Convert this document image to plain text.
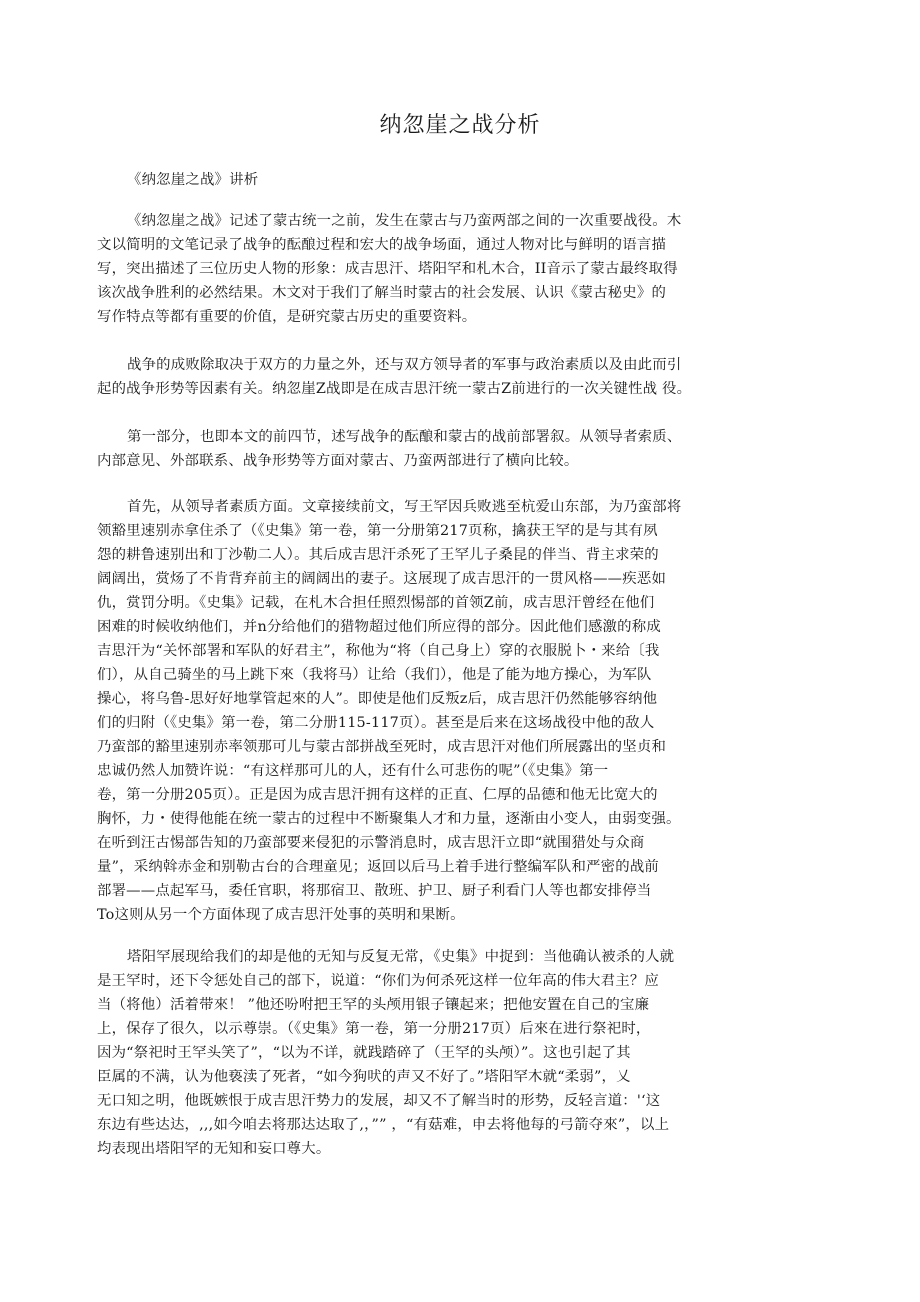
纳忽崖之战分析
《纳忽崖之战》讲析
《纳忽崖之战》记述了蒙古统一之前，发生在蒙古与乃蛮两部之间的一次重要战役。木
文以简明的文笔记录了战争的酝酿过程和宏大的战争场面，通过人物对比与鲜明的语言描
写，突出描述了三位历史人物的形象：成吉思汗、塔阳罕和札木合，II音示了蒙古最终取得
该次战争胜利的必然结果。木文对于我们了解当时蒙古的社会发展、认识《蒙古秘史》的
写作特点等都有重要的价值，是研究蒙古历史的重要资料。
战争的成败除取决于双方的力量之外，还与双方领导者的军事与政治素质以及由此而引
起的战争形势等因素有关。纳忽崖Z战即是在成吉思汗统一蒙古Z前进行的一次关键性战 役。
第一部分，也即本文的前四节，述写战争的酝酿和蒙古的战前部署叙。从领导者索质、
内部意见、外部联系、战争形势等方面对蒙古、乃蛮两部进行了横向比较。
首先，从领导者素质方面。文章接续前文，写王罕因兵败逃至杭爱山东部，为乃蛮部将
领豁里速别赤拿住杀了（《史集》第一卷，第一分册第217页称，擒获王罕的是与其有夙
怨的耕鲁速别出和丁沙勒二人）。其后成吉思汗杀死了王罕儿子桑昆的伴当、背主求荣的
阔阔出，赏炀了不肯背弃前主的阔阔出的妻子。这展现了成吉思汗的一贯风格——疾恶如
仇，赏罚分明。《史集》记载，在札木合担任照烈惕部的首领Z前，成吉思汗曾经在他们
困难的时候收纳他们，并n分给他们的猎物超过他们所应得的部分。因此他们感激的称成
吉思汗为“关怀部署和军队的好君主”，称他为“将（自己身上）穿的衣服脱卜・来给〔我
们），从自己骑坐的马上跳下來（我将马）让给（我们），他是了能为地方操心，为军队
操心，将乌鲁-思好好地掌管起來的人”。即使是他们反叛z后，成吉思汗仍然能够容纳他
们的归附（《史集》第一卷，第二分册115-117页）。甚至是后来在这场战役中他的敌人
乃蛮部的豁里速别赤率领那可儿与蒙古部拼战至死时，成吉思汗对他们所展露出的坚贞和
忠诚仍然人加赞许说：“有这样那可儿的人，还有什么可悲伤的呢”（《史集》第一
卷，第一分册205页）。正是因为成吉思汗拥有这样的正直、仁厚的品德和他无比宽大的
胸怀，力・使得他能在统一蒙古的过程中不断聚集人才和力量，逐渐由小变人，由弱变强。
在听到汪古惕部告知的乃蛮部要来侵犯的示警消息时，成吉思汗立即“就围猎处与众商
量”，采纳斡赤金和别勒古台的合理童见；返回以后马上着手进行整编军队和严密的战前
部署——点起军马，委任官职，将那宿卫、散班、护卫、厨子利看门人等也都安排停当
To这则从另一个方面体现了成吉思汗处事的英明和果断。
塔阳罕展现给我们的却是他的无知与反复无常，《史集》中捉到：当他确认被杀的人就
是王罕时，还下令惩处自己的部下，说道：“你们为何杀死这样一位年高的伟大君主？应
当（将他）活着带來！ ”他还吩咐把王罕的头颅用银子镶起来；把他安置在自己的宝廉
上，保存了很久，以示尊崇。（《史集》第一卷，第一分册217页）后來在进行祭祀时，
因为“祭祀时王罕头笑了”，“以为不详，就践踏碎了（王罕的头颅）”。这也引起了其
臣属的不满，认为他亵渎了死者，“如今狗吠的声又不好了。”塔阳罕木就“柔弱”，乂
无口知之明，他既嫉恨于成吉思汗势力的发展，却又不了解当时的形势，反轻言道：'‘这
东边有些达达，,,,如今咱去将那达达取了,，”” ，“有菇难，申去将他每的弓箭夺來”，以上
均表现出塔阳罕的无知和妄口尊大。
